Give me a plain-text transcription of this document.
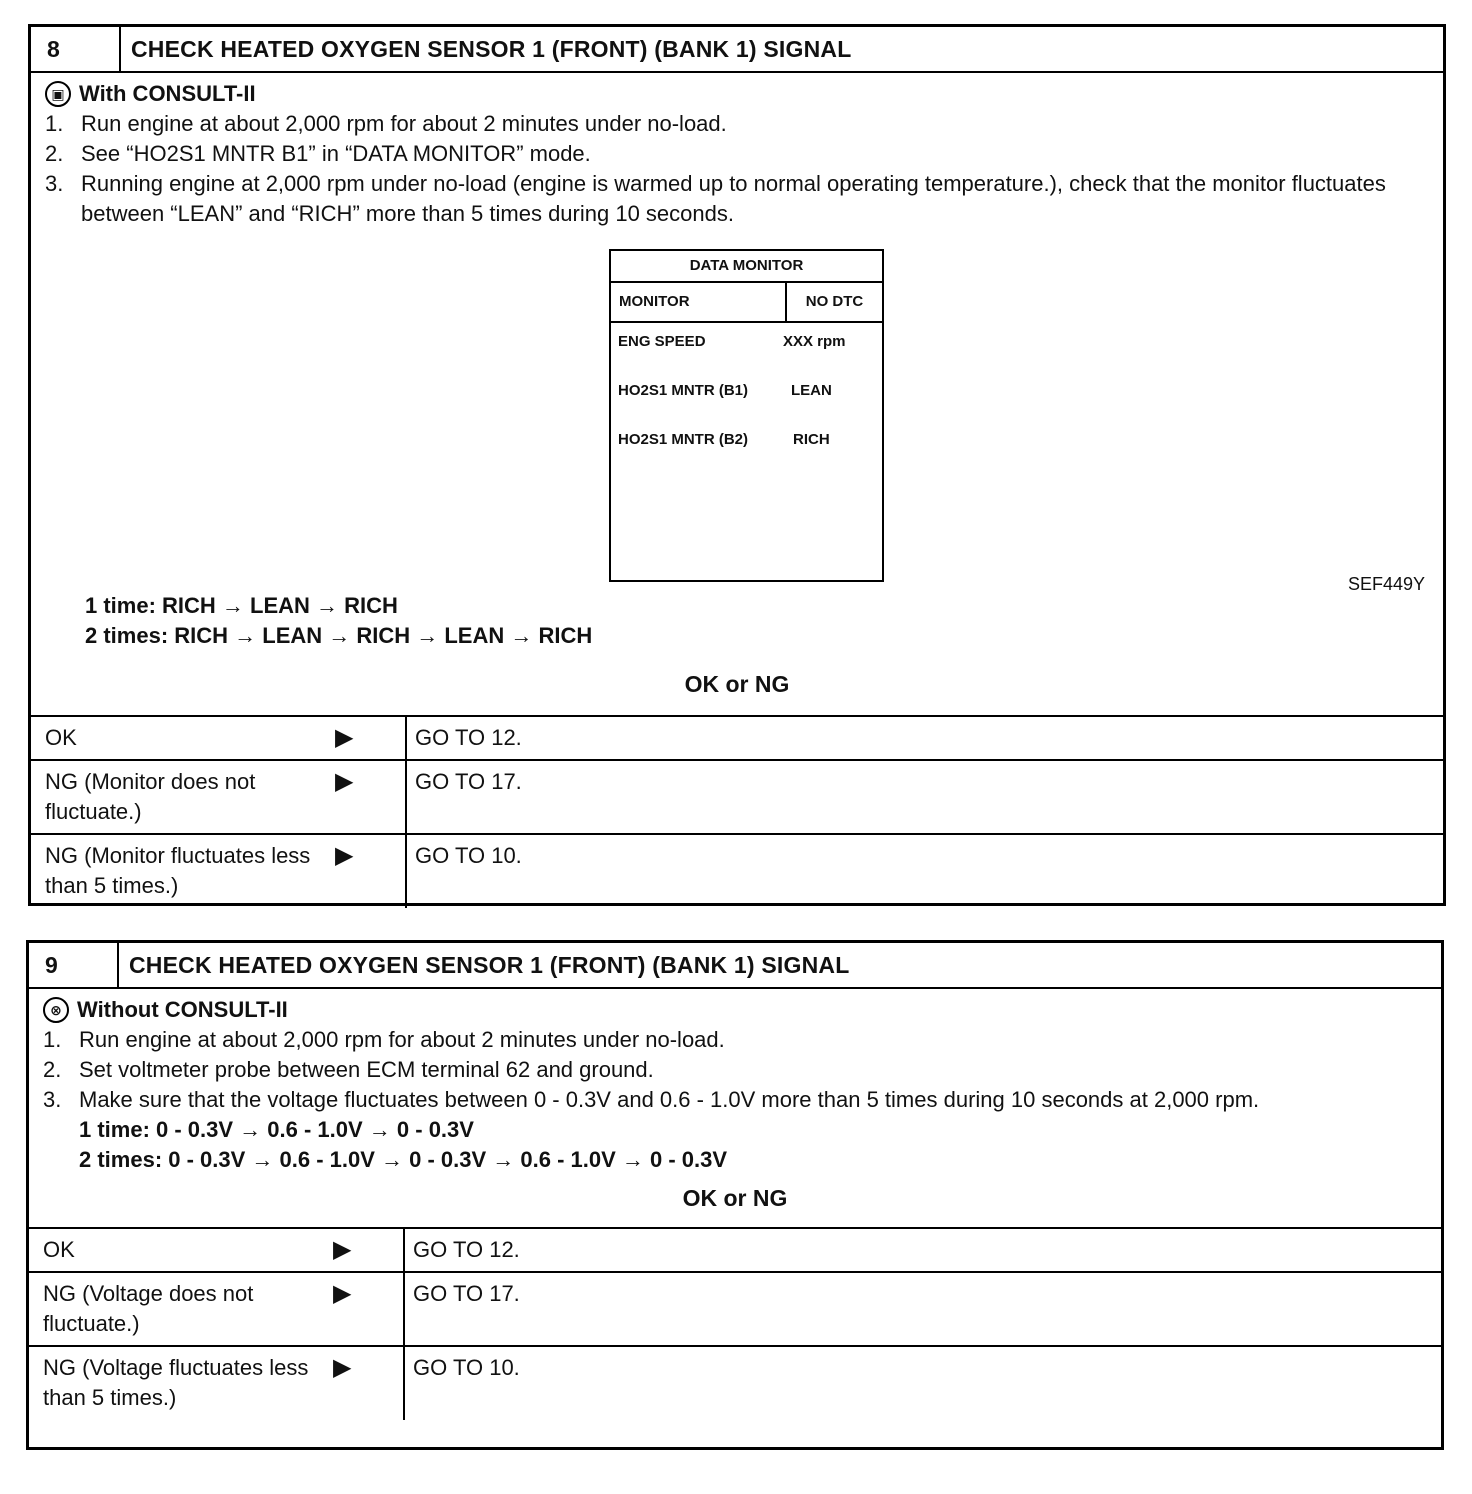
8	CHECK HEATED OXYGEN SENSOR 1 (FRONT) (BANK 1) SIGNAL
▣ With CONSULT-II
1. Run engine at about 2,000 rpm for about 2 minutes under no-load.
2. See “HO2S1 MNTR B1” in “DATA MONITOR” mode.
3. Running engine at 2,000 rpm under no-load (engine is warmed up to normal operating temperature.), check that the monitor fluctuates between “LEAN” and “RICH” more than 5 times during 10 seconds.
DATA MONITOR
MONITOR	NO DTC
ENG SPEED	XXX rpm
HO2S1 MNTR (B1)	LEAN
HO2S1 MNTR (B2)	RICH
SEF449Y
1 time: RICH → LEAN → RICH
2 times: RICH → LEAN → RICH → LEAN → RICH
OK or NG
OK	▶	GO TO 12.
NG (Monitor does not fluctuate.)	▶	GO TO 17.
NG (Monitor fluctuates less than 5 times.)	▶	GO TO 10.
9	CHECK HEATED OXYGEN SENSOR 1 (FRONT) (BANK 1) SIGNAL
⊗ Without CONSULT-II
1. Run engine at about 2,000 rpm for about 2 minutes under no-load.
2. Set voltmeter probe between ECM terminal 62 and ground.
3. Make sure that the voltage fluctuates between 0 - 0.3V and 0.6 - 1.0V more than 5 times during 10 seconds at 2,000 rpm.
1 time: 0 - 0.3V → 0.6 - 1.0V → 0 - 0.3V
2 times: 0 - 0.3V → 0.6 - 1.0V → 0 - 0.3V → 0.6 - 1.0V → 0 - 0.3V
OK or NG
OK	▶	GO TO 12.
NG (Voltage does not fluctuate.)	▶	GO TO 17.
NG (Voltage fluctuates less than 5 times.)	▶	GO TO 10.
